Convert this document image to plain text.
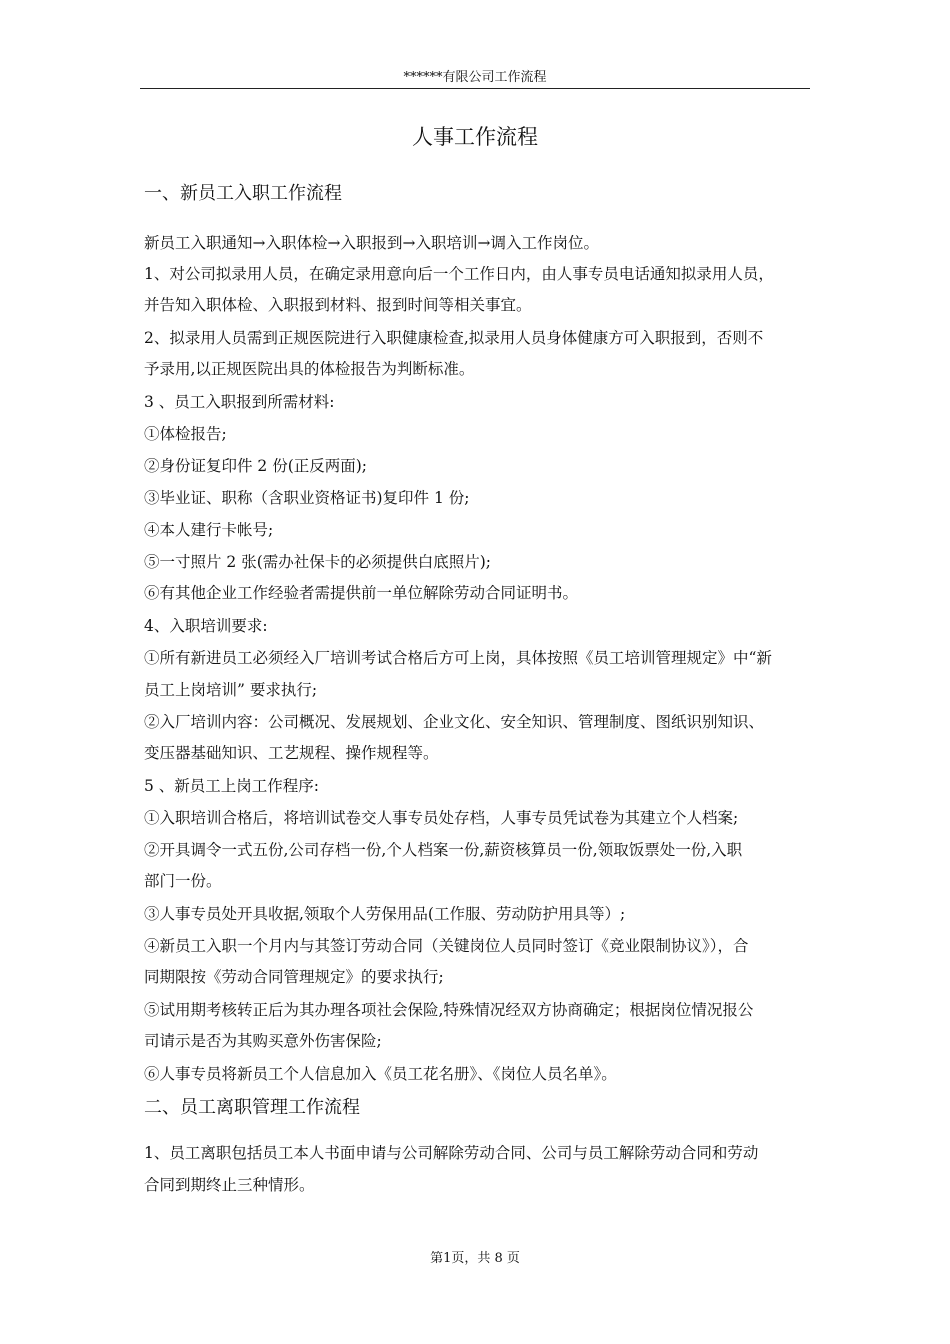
******有限公司工作流程
人事工作流程
一、新员工入职工作流程
新员工入职通知→入职体检→入职报到→入职培训→调入工作岗位。
1、对公司拟录用人员，在确定录用意向后一个工作日内，由人事专员电话通知拟录用人员，
并告知入职体检、入职报到材料、报到时间等相关事宜。
2、拟录用人员需到正规医院进行入职健康检查,拟录用人员身体健康方可入职报到，否则不
予录用,以正规医院出具的体检报告为判断标准。
3 、员工入职报到所需材料:
①体检报告;
②身份证复印件 2 份(正反两面);
③毕业证、职称（含职业资格证书)复印件 1 份;
④本人建行卡帐号;
⑤一寸照片 2 张(需办社保卡的必须提供白底照片);
⑥有其他企业工作经验者需提供前一单位解除劳动合同证明书。
4、入职培训要求:
①所有新进员工必须经入厂培训考试合格后方可上岗，具体按照《员工培训管理规定》中“新
员工上岗培训” 要求执行;
②入厂培训内容：公司概况、发展规划、企业文化、安全知识、管理制度、图纸识别知识、
变压器基础知识、工艺规程、操作规程等。
5 、新员工上岗工作程序:
①入职培训合格后，将培训试卷交人事专员处存档，人事专员凭试卷为其建立个人档案;
②开具调令一式五份,公司存档一份,个人档案一份,薪资核算员一份,领取饭票处一份,入职
部门一份。
③人事专员处开具收据,领取个人劳保用品(工作服、劳动防护用具等）;
④新员工入职一个月内与其签订劳动合同（关键岗位人员同时签订《竞业限制协议》），合
同期限按《劳动合同管理规定》的要求执行;
⑤试用期考核转正后为其办理各项社会保险,特殊情况经双方协商确定；根据岗位情况报公
司请示是否为其购买意外伤害保险;
⑥人事专员将新员工个人信息加入《员工花名册》、《岗位人员名单》。
二、员工离职管理工作流程
1、员工离职包括员工本人书面申请与公司解除劳动合同、公司与员工解除劳动合同和劳动
合同到期终止三种情形。
第1页，共 8 页
